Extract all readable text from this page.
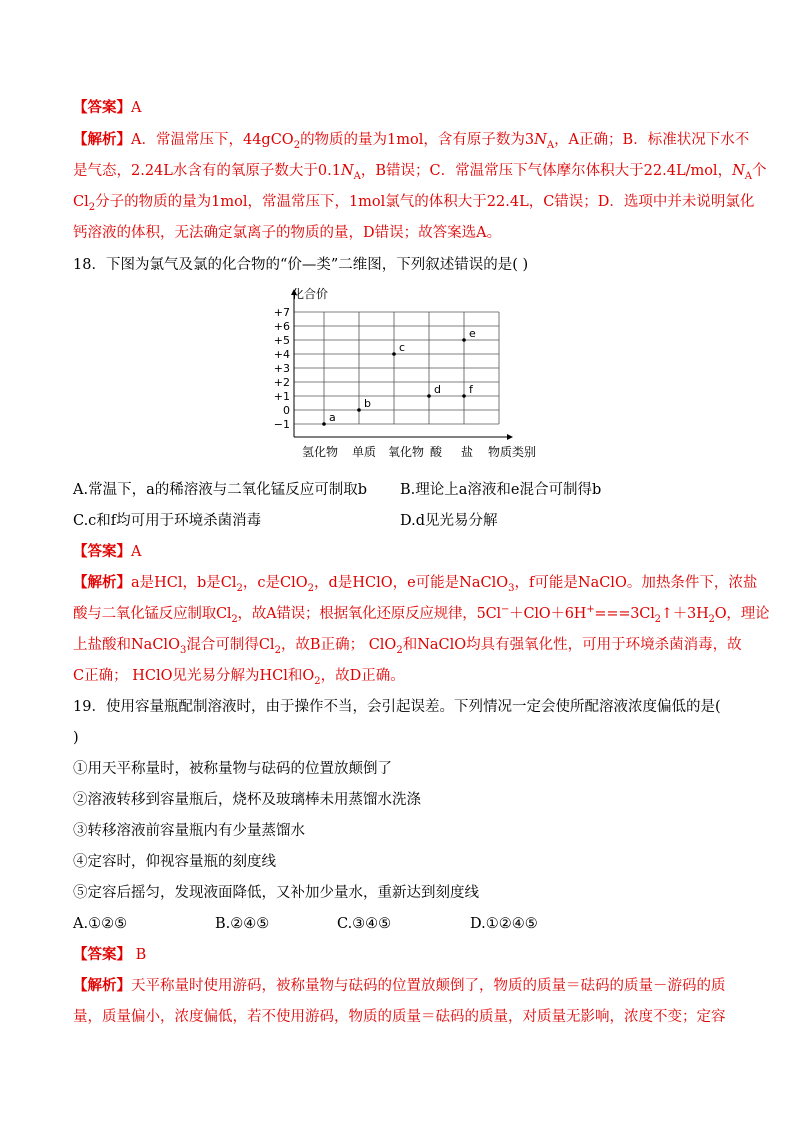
【答案】A
【解析】A．常温常压下，44gCO$_2$的物质的量为1mol，含有原子数为$3N_A$，A正确；B．标准状况下水不
是气态，2.24L水含有的氧原子数大于$0.1N_A$，B错误；C．常温常压下气体摩尔体积大于22.4L/mol，$N_A$个
$Cl_2$分子的物质的量为1mol，常温常压下，1mol氯气的体积大于22.4L，C错误；D．选项中并未说明氯化
钙溶液的体积，无法确定氯离子的物质的量，D错误；故答案选A。
18．下图为氯气及氯的化合物的“价—类”二维图，下列叙述错误的是( )
+7
+6
+5
+4
+3
+2
+1
0
−1
氢化物 单质 氧化物 酸 盐
a
b
c
d
e
f
化合价
物质类别
A.常温下，a的稀溶液与二氧化锰反应可制取b B.理论上a溶液和e混合可制得b
C.c和f均可用于环境杀菌消毒	D.d见光易分解
【答案】A
【解析】a是HCl，b是$Cl_2$，c是ClO$_2$，d是HClO，e可能是NaClO$_3$，f可能是NaClO。加热条件下，浓盐
酸与二氧化锰反应制取$Cl_2$，故A错误；根据氧化还原反应规律，$5Cl^-+ClO+6H^+===3Cl_2↑+3H_2O$，理论
上盐酸和NaClO$_3$混合可制得$Cl_2$，故B正确； ClO$_2$和NaClO均具有强氧化性，可用于环境杀菌消毒，故
C正确； HClO见光易分解为HCl和$O_2$，故D正确。
19．使用容量瓶配制溶液时，由于操作不当，会引起误差。下列情况一定会使所配溶液浓度偏低的是(
)
①用天平称量时，被称量物与砝码的位置放颠倒了
②溶液转移到容量瓶后，烧杯及玻璃棒未用蒸馏水洗涤
③转移溶液前容量瓶内有少量蒸馏水
④定容时，仰视容量瓶的刻度线
⑤定容后摇匀，发现液面降低，又补加少量水，重新达到刻度线
A.①②⑤	B.②④⑤	C.③④⑤	D.①②④⑤
【答案】 B
【解析】天平称量时使用游码，被称量物与砝码的位置放颠倒了，物质的质量＝砝码的质量－游码的质
量，质量偏小，浓度偏低，若不使用游码，物质的质量＝砝码的质量，对质量无影响，浓度不变；定容
